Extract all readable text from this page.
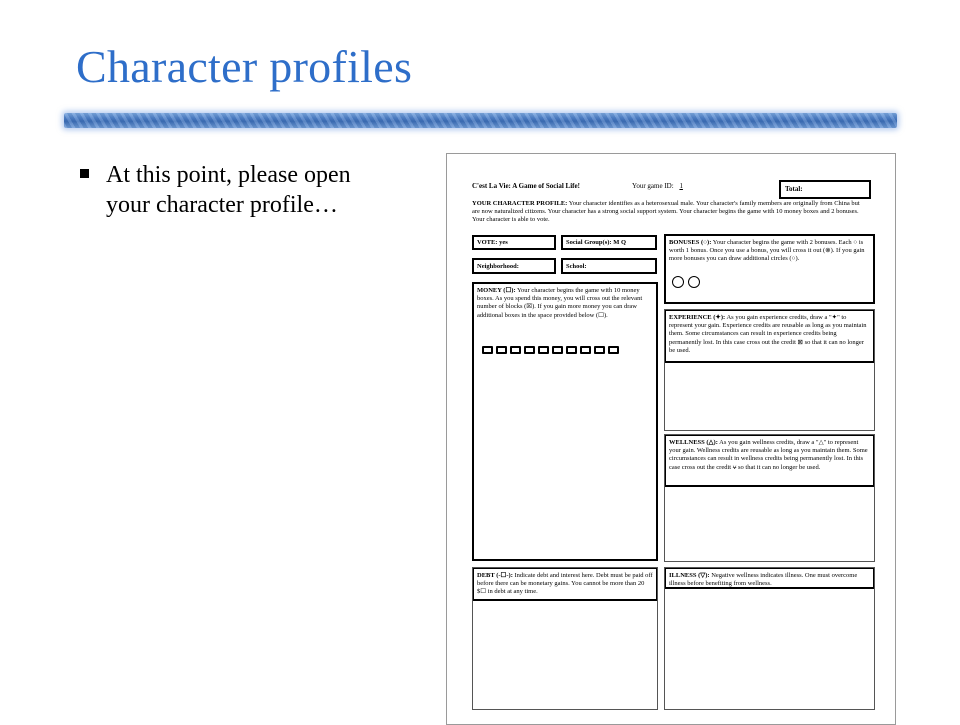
Character profiles
At this point, please open your character profile…
C'est La Vie: A Game of Social Life!	Your game ID: 1	Total:
YOUR CHARACTER PROFILE: Your character identifies as a heterosexual male. Your character's family members are originally from China but are now naturalized citizens. Your character has a strong social support system. Your character begins the game with 10 money boxes and 2 bonuses. Your character is able to vote.
VOTE: yes	Social Group(s): M Q
Neighborhood:	School:
MONEY (☐): Your character begins the game with 10 money boxes. As you spend this money, you will cross out the relevant number of blocks (☒). If you gain more money you can draw additional boxes in the space provided below (☐).
BONUSES (○): Your character begins the game with 2 bonuses. Each ○ is worth 1 bonus. Once you use a bonus, you will cross it out (⊗). If you gain more bonuses you can draw additional circles (○).
EXPERIENCE (✦): As you gain experience credits, draw a "✦" to represent your gain. Experience credits are reusable as long as you maintain them. Some circumstances can result in experience credits being permanently lost. In this case cross out the credit ⊠ so that it can no longer be used.
WELLNESS (△): As you gain wellness credits, draw a "△" to represent your gain. Wellness credits are reusable as long as you maintain them. Some circumstances can result in wellness credits being permanently lost. In this case cross out the credit ⩝ so that it can no longer be used.
DEBT (-☐-): Indicate debt and interest here. Debt must be paid off before there can be monetary gains. You cannot be more than 20 $☐ in debt at any time.
ILLNESS (▽): Negative wellness indicates illness. One must overcome illness before benefiting from wellness.
